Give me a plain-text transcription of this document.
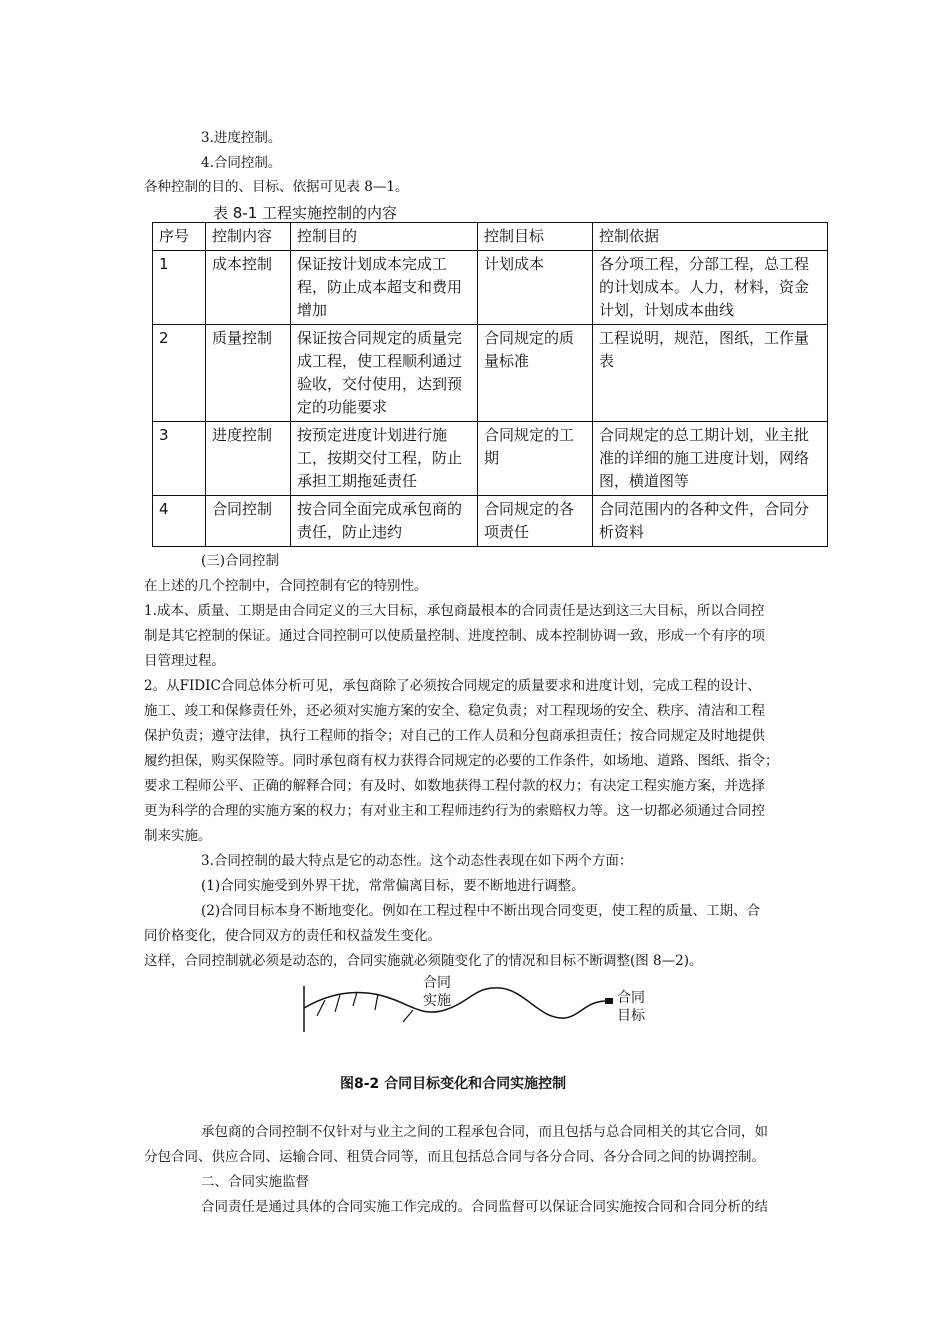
3.进度控制。
4.合同控制。
各种控制的目的、目标、依据可见表 8—1。
表 8-1 工程实施控制的内容
序号	控制内容	控制目的	控制目标	控制依据
1	成本控制	保证按计划成本完成工程，防止成本超支和费用增加	计划成本	各分项工程，分部工程，总工程的计划成本。人力，材料，资金计划，计划成本曲线
2	质量控制	保证按合同规定的质量完成工程，使工程顺利通过验收，交付使用，达到预定的功能要求	合同规定的质量标准	工程说明，规范，图纸，工作量表
3	进度控制	按预定进度计划进行施工，按期交付工程，防止承担工期拖延责任	合同规定的工期	合同规定的总工期计划，业主批准的详细的施工进度计划，网络图，横道图等
4	合同控制	按合同全面完成承包商的责任，防止违约	合同规定的各项责任	合同范围内的各种文件，合同分析资料
(三)合同控制
在上述的几个控制中，合同控制有它的特别性。
1.成本、质量、工期是由合同定义的三大目标，承包商最根本的合同责任是达到这三大目标，所以合同控
制是其它控制的保证。通过合同控制可以使质量控制、进度控制、成本控制协调一致，形成一个有序的项
目管理过程。
2。从FIDIC合同总体分析可见，承包商除了必须按合同规定的质量要求和进度计划，完成工程的设计、
施工、竣工和保修责任外，还必须对实施方案的安全、稳定负责；对工程现场的安全、秩序、清洁和工程
保护负责；遵守法律，执行工程师的指令；对自己的工作人员和分包商承担责任；按合同规定及时地提供
履约担保，购买保险等。同时承包商有权力获得合同规定的必要的工作条件，如场地、道路、图纸、指令；
要求工程师公平、正确的解释合同；有及时、如数地获得工程付款的权力；有决定工程实施方案，并选择
更为科学的合理的实施方案的权力；有对业主和工程师违约行为的索赔权力等。这一切都必须通过合同控
制来实施。
3.合同控制的最大特点是它的动态性。这个动态性表现在如下两个方面：
(1)合同实施受到外界干扰，常常偏离目标，要不断地进行调整。
(2)合同目标本身不断地变化。例如在工程过程中不断出现合同变更，使工程的质量、工期、合
同价格变化，使合同双方的责任和权益发生变化。
这样，合同控制就必须是动态的，合同实施就必须随变化了的情况和目标不断调整(图 8—2)。
合同
实施	合同
目标
图8-2 合同目标变化和合同实施控制
承包商的合同控制不仅针对与业主之间的工程承包合同，而且包括与总合同相关的其它合同，如
分包合同、供应合同、运输合同、租赁合同等，而且包括总合同与各分合同、各分合同之间的协调控制。
二、合同实施监督
合同责任是通过具体的合同实施工作完成的。合同监督可以保证合同实施按合同和合同分析的结
